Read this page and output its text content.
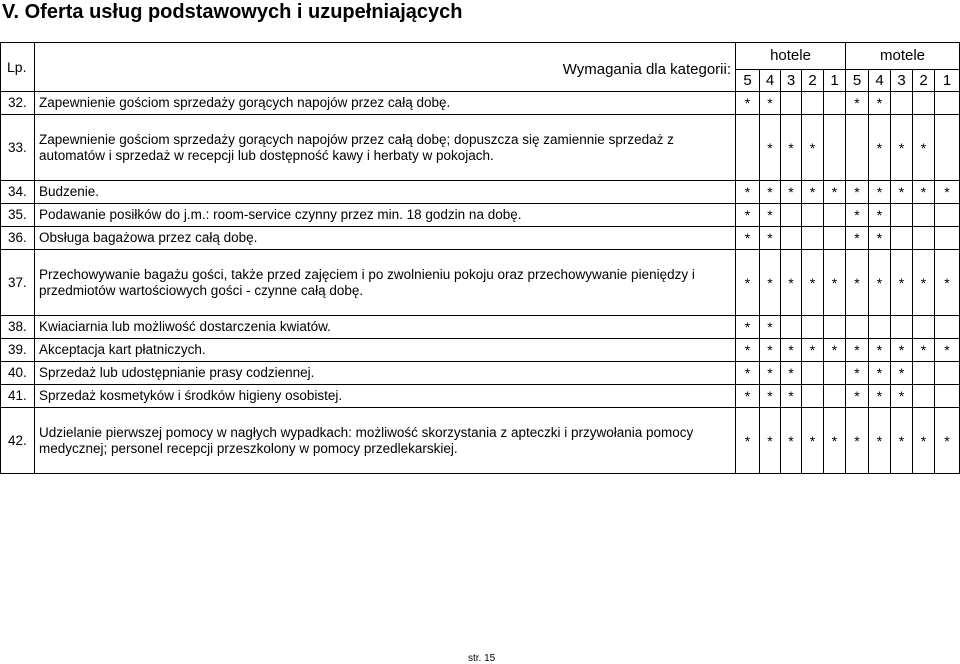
V. Oferta usług podstawowych i uzupełniających
Lp.	Wymagania dla kategorii:	hotele					motele				
		5	4	3	2	1	5	4	3	2	1
32.	Zapewnienie gościom sprzedaży gorących napojów przez całą dobę.	*	*				*	*			
33.	Zapewnienie gościom sprzedaży gorących napojów przez całą dobę; dopuszcza się zamiennie sprzedaż z automatów i sprzedaż w recepcji lub dostępność kawy i herbaty w pokojach.		*	*	*			*	*	*	
34.	Budzenie.	*	*	*	*	*	*	*	*	*	*
35.	Podawanie posiłków do j.m.: room-service czynny przez min. 18 godzin na dobę.	*	*				*	*			
36.	Obsługa bagażowa przez całą dobę.	*	*				*	*			
37.	Przechowywanie bagażu gości, także przed zajęciem i po zwolnieniu pokoju oraz przechowywanie pieniędzy i przedmiotów wartościowych gości - czynne całą dobę.	*	*	*	*	*	*	*	*	*	*
38.	Kwiaciarnia lub możliwość dostarczenia kwiatów.	*	*								
39.	Akceptacja kart płatniczych.	*	*	*	*	*	*	*	*	*	*
40.	Sprzedaż lub udostępnianie prasy codziennej.	*	*	*			*	*	*		
41.	Sprzedaż kosmetyków i środków higieny osobistej.	*	*	*			*	*	*		
42.	Udzielanie pierwszej pomocy w nagłych wypadkach: możliwość skorzystania z apteczki i przywołania pomocy medycznej; personel recepcji przeszkolony w pomocy przedlekarskiej.	*	*	*	*	*	*	*	*	*	*
str. 15
